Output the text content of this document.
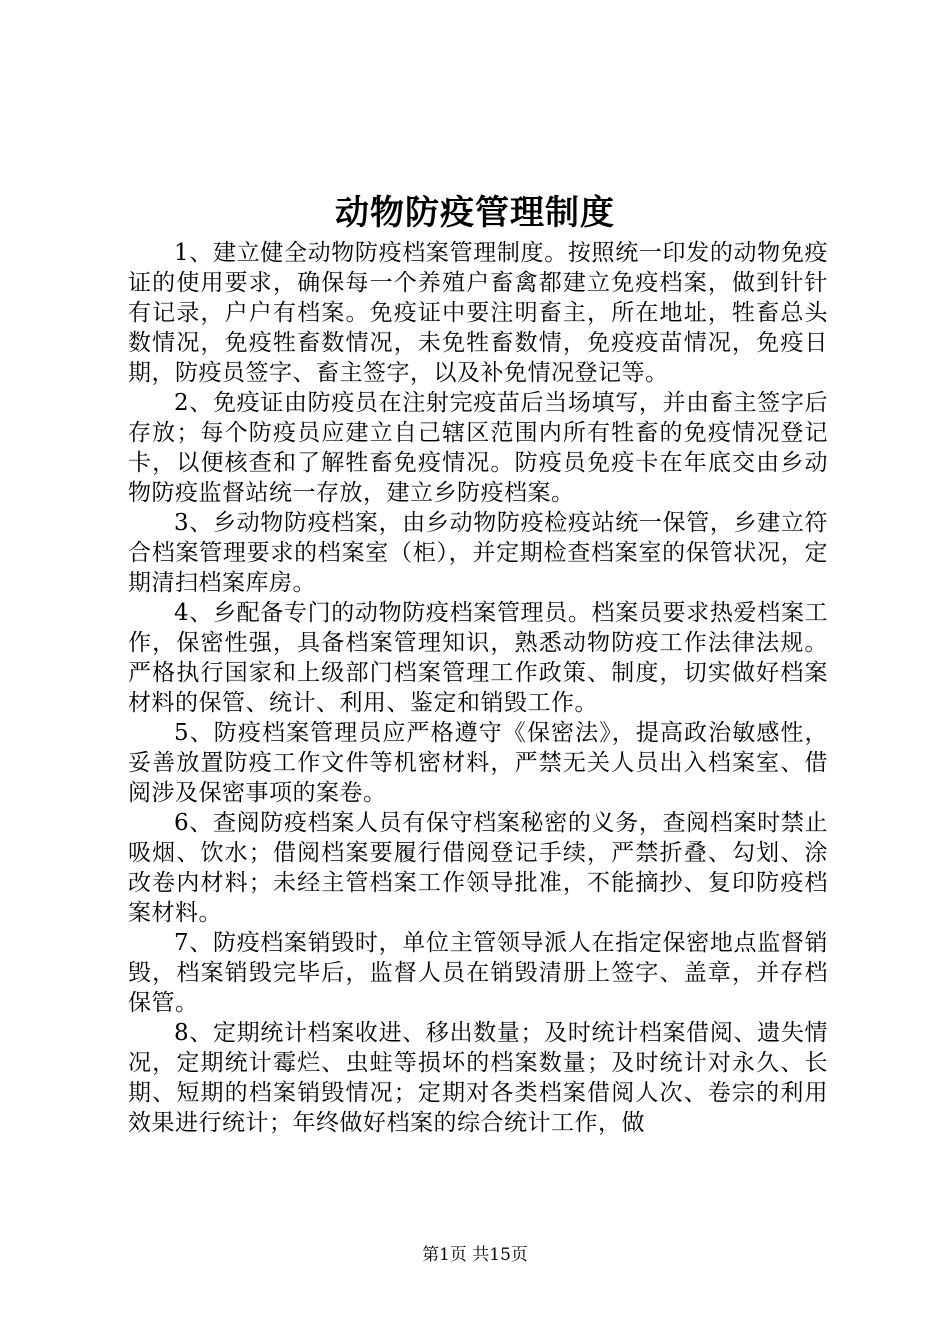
动物防疫管理制度

1、建立健全动物防疫档案管理制度。按照统一印发的动物免疫证的使用要求，确保每一个养殖户畜禽都建立免疫档案，做到针针有记录，户户有档案。免疫证中要注明畜主，所在地址，牲畜总头数情况，免疫牲畜数情况，未免牲畜数情，免疫疫苗情况，免疫日期，防疫员签字、畜主签字，以及补免情况登记等。

2、免疫证由防疫员在注射完疫苗后当场填写，并由畜主签字后存放；每个防疫员应建立自己辖区范围内所有牲畜的免疫情况登记卡，以便核查和了解牲畜免疫情况。防疫员免疫卡在年底交由乡动物防疫监督站统一存放，建立乡防疫档案。

3、乡动物防疫档案，由乡动物防疫检疫站统一保管，乡建立符合档案管理要求的档案室（柜），并定期检查档案室的保管状况，定期清扫档案库房。

4、乡配备专门的动物防疫档案管理员。档案员要求热爱档案工作，保密性强，具备档案管理知识，熟悉动物防疫工作法律法规。严格执行国家和上级部门档案管理工作政策、制度，切实做好档案材料的保管、统计、利用、鉴定和销毁工作。

5、防疫档案管理员应严格遵守《保密法》，提高政治敏感性，妥善放置防疫工作文件等机密材料，严禁无关人员出入档案室、借阅涉及保密事项的案卷。

6、查阅防疫档案人员有保守档案秘密的义务，查阅档案时禁止吸烟、饮水；借阅档案要履行借阅登记手续，严禁折叠、勾划、涂改卷内材料；未经主管档案工作领导批准，不能摘抄、复印防疫档案材料。

7、防疫档案销毁时，单位主管领导派人在指定保密地点监督销毁，档案销毁完毕后，监督人员在销毁清册上签字、盖章，并存档保管。

8、定期统计档案收进、移出数量；及时统计档案借阅、遗失情况，定期统计霉烂、虫蛀等损坏的档案数量；及时统计对永久、长期、短期的档案销毁情况；定期对各类档案借阅人次、卷宗的利用效果进行统计；年终做好档案的综合统计工作，做

第1页 共15页
